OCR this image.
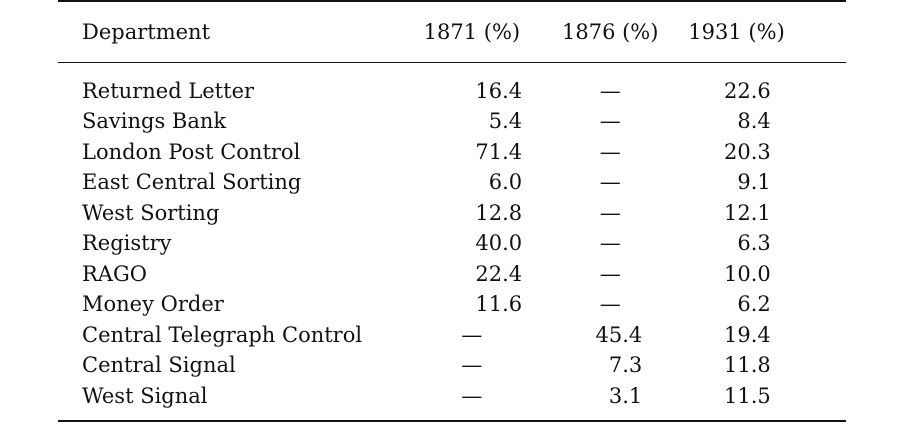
Department	1871 (%)	1876 (%)	1931 (%)	
Returned Letter	16.4	—	22.6	
Savings Bank	5.4	—	8.4	
London Post Control	71.4	—	20.3	
East Central Sorting	6.0	—	9.1	
West Sorting	12.8	—	12.1	
Registry	40.0	—	6.3	
RAGO	22.4	—	10.0	
Money Order	11.6	—	6.2	
Central Telegraph Control	—	45.4	19.4	
Central Signal	—	7.3	11.8	
West Signal	—	3.1	11.5	
